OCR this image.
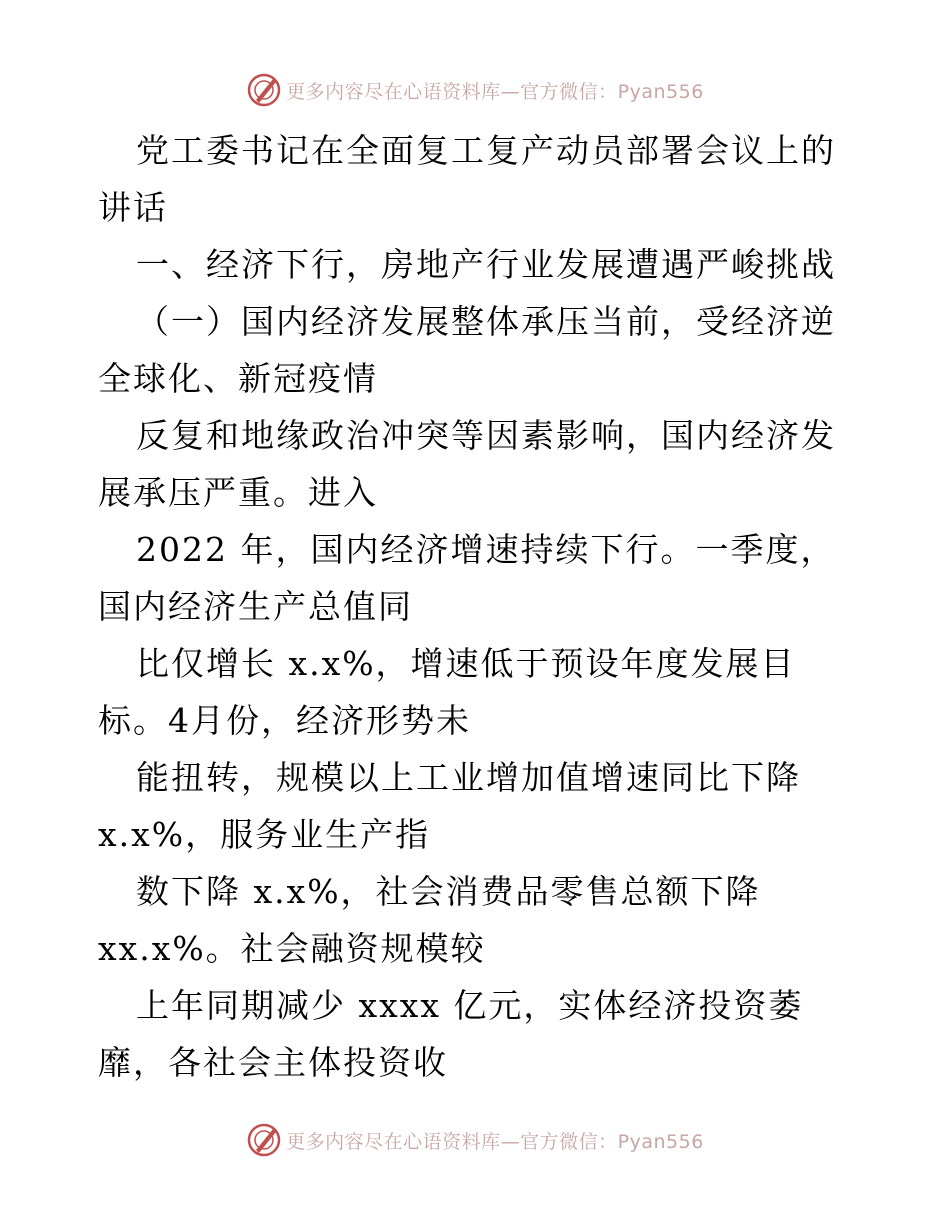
更多内容尽在心语资料库—官方微信：Pyan556

党工委书记在全面复工复产动员部署会议上的讲话

一、经济下行，房地产行业发展遭遇严峻挑战

（一）国内经济发展整体承压当前，受经济逆全球化、新冠疫情

反复和地缘政治冲突等因素影响，国内经济发展承压严重。进入

2022 年，国内经济增速持续下行。一季度，国内经济生产总值同

比仅增长 x.x%，增速低于预设年度发展目标。4月份，经济形势未

能扭转，规模以上工业增加值增速同比下降x.x%，服务业生产指

数下降 x.x%，社会消费品零售总额下降xx.x%。社会融资规模较

上年同期减少 xxxx 亿元，实体经济投资萎靡，各社会主体投资收

更多内容尽在心语资料库—官方微信：Pyan556
